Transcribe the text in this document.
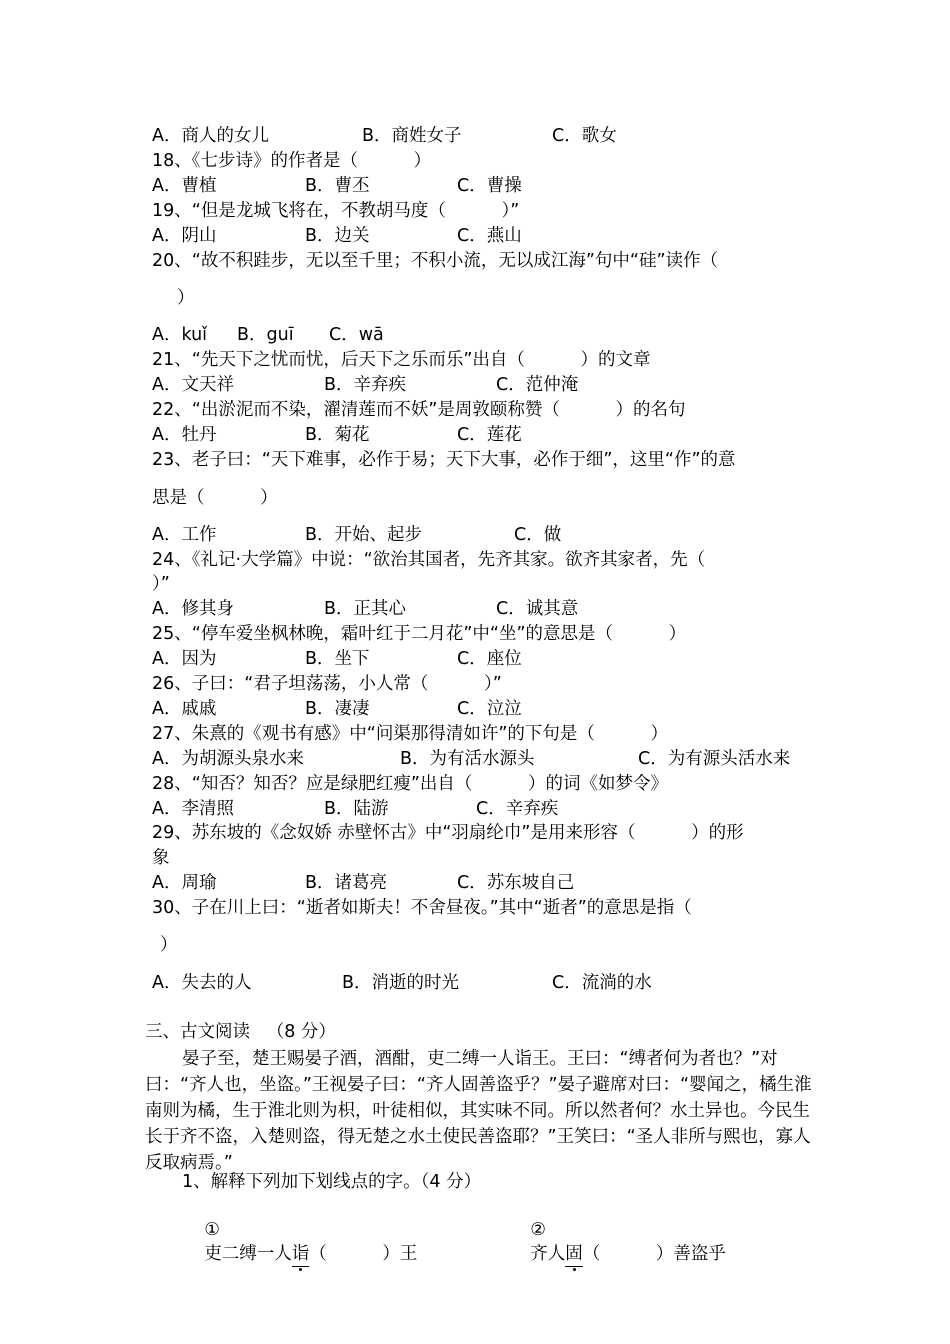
A．商人的女儿	B．商姓女子	C．歌女
18、《七步诗》的作者是（          ）
A．曹植	B．曹丕	C．曹操
19、“但是龙城飞将在，不教胡马度（          ）”
A．阴山	B．边关	C．燕山
20、“故不积跬步，无以至千里；不积小流，无以成江海”句中“硅”读作（
）
A．kuǐ B．guī C．wā
21、“先天下之忧而忧，后天下之乐而乐”出自（          ）的文章
A．文天祥	B．辛弃疾	C．范仲淹
22、“出淤泥而不染，濯清莲而不妖”是周敦颐称赞（          ）的名句
A．牡丹	B．菊花	C．莲花
23、老子曰：“天下难事，必作于易；天下大事，必作于细”，这里“作”的意
思是（          ）
A．工作	B．开始、起步	C．做
24、《礼记·大学篇》中说：“欲治其国者，先齐其家。欲齐其家者，先（
）”
A．修其身	B．正其心	C．诚其意
25、“停车爱坐枫林晚，霜叶红于二月花”中“坐”的意思是（          ）
A．因为	B．坐下	C．座位
26、子曰：“君子坦荡荡，小人常（          ）”
A．戚戚	B．凄凄	C．泣泣
27、朱熹的《观书有感》中“问渠那得清如许”的下句是（          ）
A．为胡源头泉水来	B．为有活水源头	C．为有源头活水来
28、“知否？知否？应是绿肥红瘦”出自（          ）的词《如梦令》
A．李清照	B．陆游	C．辛弃疾
29、苏东坡的《念奴娇 赤壁怀古》中“羽扇纶巾”是用来形容（          ）的形
象
A．周瑜	B．诸葛亮	C．苏东坡自己
30、子在川上曰：“逝者如斯夫！不舍昼夜。”其中“逝者”的意思是指（
）
A．失去的人	B．消逝的时光	C．流淌的水
三、古文阅读   （8 分）
晏子至，楚王赐晏子酒，酒酣，吏二缚一人诣王。王曰：“缚者何为者也？”对曰：“齐人也，坐盗。”王视晏子曰：“齐人固善盗乎？”晏子避席对曰：“婴闻之，橘生淮南则为橘，生于淮北则为枳，叶徒相似，其实味不同。所以然者何？水土异也。今民生长于齐不盗，入楚则盗，得无楚之水土使民善盗耶？”王笑曰：“圣人非所与熙也，寡人反取病焉。”
1、解释下列加下划线点的字。（4 分）

①
吏二缚一人诣（          ）王

②
齐人固（          ）善盗乎
